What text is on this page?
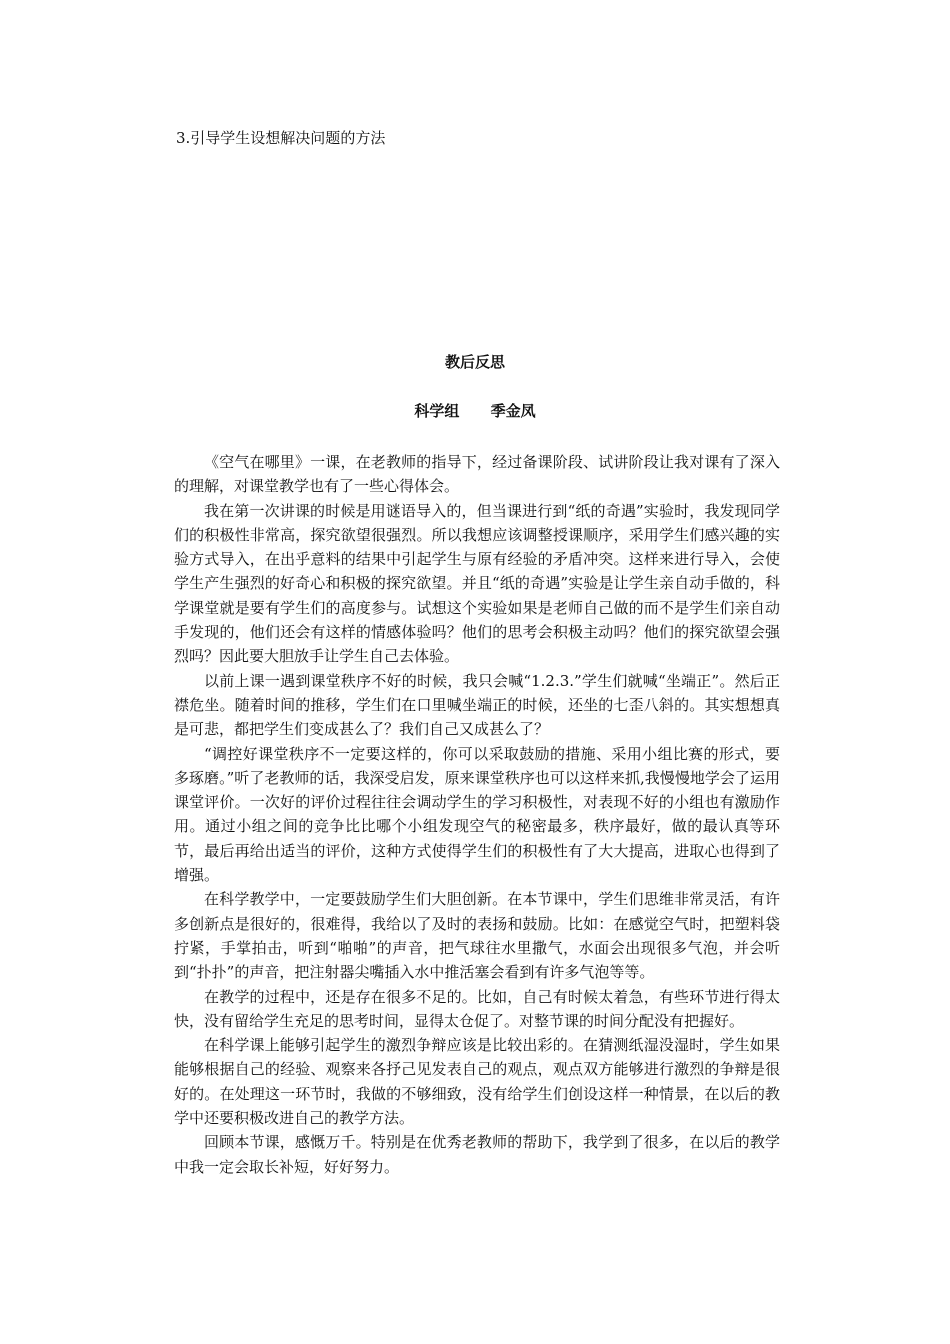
3.引导学生设想解决问题的方法
教后反思
科学组      季金凤

《空气在哪里》一课，在老教师的指导下，经过备课阶段、试讲阶段让我对课有了深入的理解，对课堂教学也有了一些心得体会。

我在第一次讲课的时候是用谜语导入的，但当课进行到“纸的奇遇”实验时，我发现同学们的积极性非常高，探究欲望很强烈。所以我想应该调整授课顺序，采用学生们感兴趣的实验方式导入，在出乎意料的结果中引起学生与原有经验的矛盾冲突。这样来进行导入，会使学生产生强烈的好奇心和积极的探究欲望。并且“纸的奇遇”实验是让学生亲自动手做的，科学课堂就是要有学生们的高度参与。试想这个实验如果是老师自己做的而不是学生们亲自动手发现的，他们还会有这样的情感体验吗？他们的思考会积极主动吗？他们的探究欲望会强烈吗？因此要大胆放手让学生自己去体验。

以前上课一遇到课堂秩序不好的时候，我只会喊“1.2.3.”学生们就喊“坐端正”。然后正襟危坐。随着时间的推移，学生们在口里喊坐端正的时候，还坐的七歪八斜的。其实想想真是可悲，都把学生们变成甚么了？我们自己又成甚么了？

“调控好课堂秩序不一定要这样的，你可以采取鼓励的措施、采用小组比赛的形式，要多琢磨。”听了老教师的话，我深受启发，原来课堂秩序也可以这样来抓,我慢慢地学会了运用课堂评价。一次好的评价过程往往会调动学生的学习积极性，对表现不好的小组也有激励作用。通过小组之间的竞争比比哪个小组发现空气的秘密最多，秩序最好，做的最认真等环节，最后再给出适当的评价，这种方式使得学生们的积极性有了大大提高，进取心也得到了增强。

在科学教学中，一定要鼓励学生们大胆创新。在本节课中，学生们思维非常灵活，有许多创新点是很好的，很难得，我给以了及时的表扬和鼓励。比如：在感觉空气时，把塑料袋拧紧，手掌拍击，听到“啪啪”的声音，把气球往水里撒气，水面会出现很多气泡，并会听到“扑扑”的声音，把注射器尖嘴插入水中推活塞会看到有许多气泡等等。

在教学的过程中，还是存在很多不足的。比如，自己有时候太着急，有些环节进行得太快，没有留给学生充足的思考时间，显得太仓促了。对整节课的时间分配没有把握好。

在科学课上能够引起学生的激烈争辩应该是比较出彩的。在猜测纸湿没湿时，学生如果能够根据自己的经验、观察来各抒己见发表自己的观点，观点双方能够进行激烈的争辩是很好的。在处理这一环节时，我做的不够细致，没有给学生们创设这样一种情景，在以后的教学中还要积极改进自己的教学方法。

回顾本节课，感慨万千。特别是在优秀老教师的帮助下，我学到了很多，在以后的教学中我一定会取长补短，好好努力。
